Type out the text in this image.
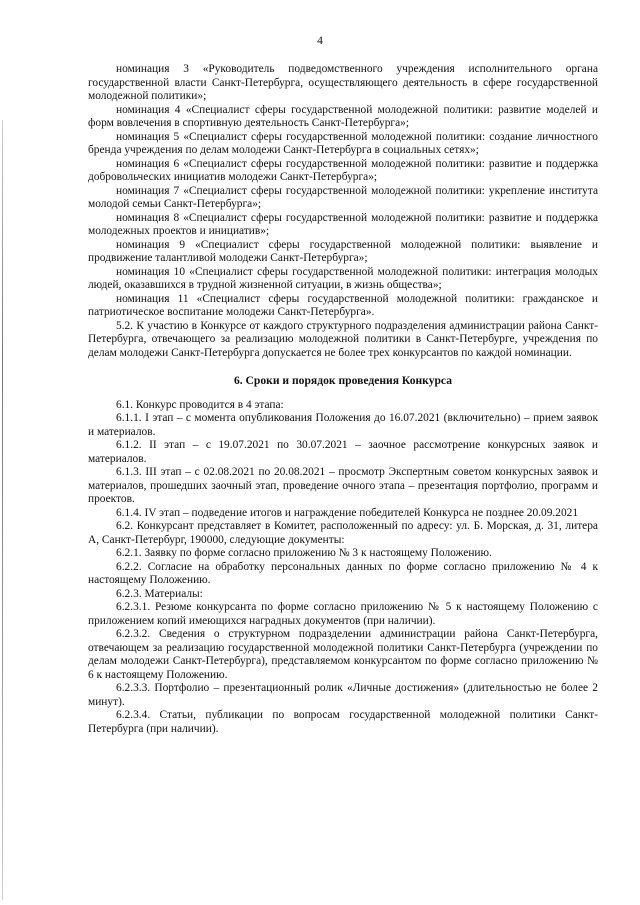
4

номинация 3 «Руководитель подведомственного учреждения исполнительного органа государственной власти Санкт-Петербурга, осуществляющего деятельность в сфере государственной молодежной политики»;

номинация 4 «Специалист сферы государственной молодежной политики: развитие моделей и форм вовлечения в спортивную деятельность Санкт-Петербурга»;

номинация 5 «Специалист сферы государственной молодежной политики: создание личностного бренда учреждения по делам молодежи Санкт-Петербурга в социальных сетях»;

номинация 6 «Специалист сферы государственной молодежной политики: развитие и поддержка добровольческих инициатив молодежи Санкт-Петербурга»;

номинация 7 «Специалист сферы государственной молодежной политики: укрепление института молодой семьи Санкт-Петербурга»;

номинация 8 «Специалист сферы государственной молодежной политики: развитие и поддержка молодежных проектов и инициатив»;

номинация 9 «Специалист сферы государственной молодежной политики: выявление и продвижение талантливой молодежи Санкт-Петербурга»;

номинация 10 «Специалист сферы государственной молодежной политики: интеграция молодых людей, оказавшихся в трудной жизненной ситуации, в жизнь общества»;

номинация 11 «Специалист сферы государственной молодежной политики: гражданское и патриотическое воспитание молодежи Санкт-Петербурга».

5.2. К участию в Конкурсе от каждого структурного подразделения администрации района Санкт-Петербурга, отвечающего за реализацию молодежной политики в Санкт-Петербурге, учреждения по делам молодежи Санкт-Петербурга допускается не более трех конкурсантов по каждой номинации.

6. Сроки и порядок проведения Конкурса

6.1. Конкурс проводится в 4 этапа:

6.1.1. I этап – с момента опубликования Положения до 16.07.2021 (включительно) – прием заявок и материалов.

6.1.2. II этап – с 19.07.2021 по 30.07.2021 – заочное рассмотрение конкурсных заявок и материалов.

6.1.3. III этап – с 02.08.2021 по 20.08.2021 – просмотр Экспертным советом конкурсных заявок и материалов, прошедших заочный этап, проведение очного этапа – презентация портфолио, программ и проектов.

6.1.4. IV этап – подведение итогов и награждение победителей Конкурса не позднее 20.09.2021

6.2. Конкурсант представляет в Комитет, расположенный по адресу: ул. Б. Морская, д. 31, литера А, Санкт-Петербург, 190000, следующие документы:

6.2.1. Заявку по форме согласно приложению № 3 к настоящему Положению.

6.2.2. Согласие на обработку персональных данных по форме согласно приложению № 4 к настоящему Положению.

6.2.3. Материалы:

6.2.3.1. Резюме конкурсанта по форме согласно приложению № 5 к настоящему Положению с приложением копий имеющихся наградных документов (при наличии).

6.2.3.2. Сведения о структурном подразделении администрации района Санкт-Петербурга, отвечающем за реализацию государственной молодежной политики Санкт-Петербурга (учреждении по делам молодежи Санкт-Петербурга), представляемом конкурсантом по форме согласно приложению № 6 к настоящему Положению.

6.2.3.3. Портфолио – презентационный ролик «Личные достижения» (длительностью не более 2 минут).

6.2.3.4. Статьи, публикации по вопросам государственной молодежной политики Санкт-Петербурга (при наличии).
